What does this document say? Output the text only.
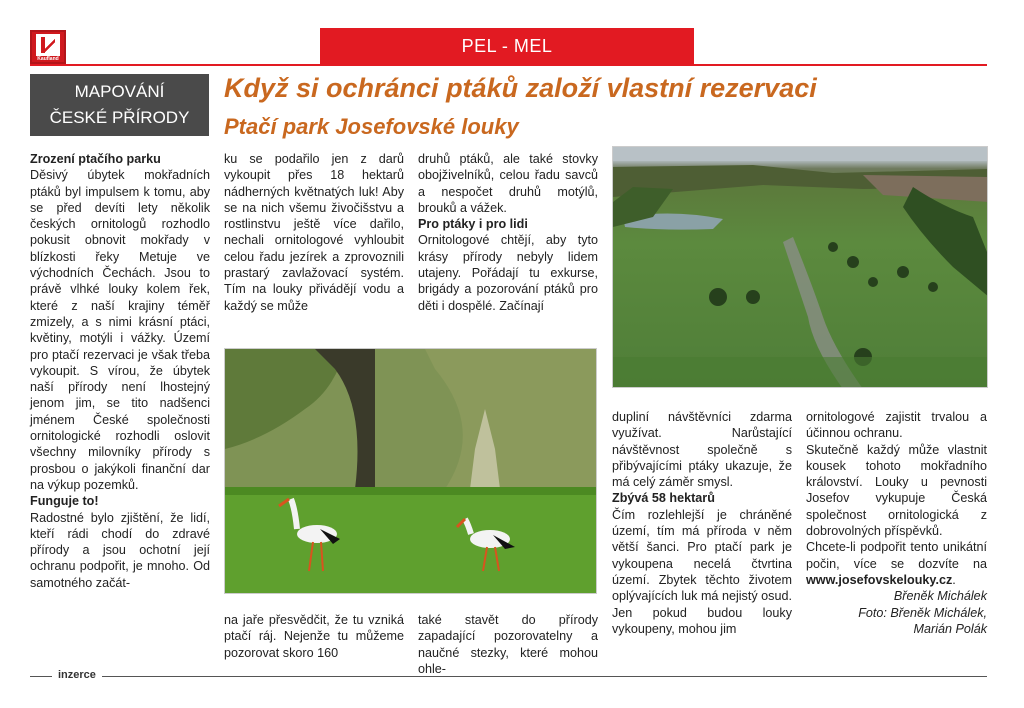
Kaufland
PEL - MEL
MAPOVÁNÍ
ČESKÉ PŘÍRODY
Když si ochránci ptáků založí vlastní rezervaci
Ptačí park Josefovské louky
Zrození ptačího parku

Děsivý úbytek mokřadních ptáků byl impulsem k tomu, aby se před devíti lety několik českých ornitologů rozhodlo pokusit obnovit mokřady v blízkosti řeky Metuje ve východních Čechách. Jsou to právě vlhké louky kolem řek, které z naší krajiny téměř zmizely, a s nimi krásní ptáci, květiny, motýli i vážky. Území pro ptačí rezervaci je však třeba vykoupit. S vírou, že úbytek naší přírody není lhostejný jenom jim, se tito nadšenci jménem České společnosti ornitologické rozhodli oslovit všechny milovníky přírody s prosbou o jakýkoli finanční dar na výkup pozemků.

Funguje to!

Radostné bylo zjištění, že lidí, kteří rádi chodí do zdravé přírody a jsou ochotní její ochranu podpořit, je mnoho. Od samotného začát-

ku se podařilo jen z darů vykoupit přes 18 hektarů nádherných květnatých luk! Aby se na nich všemu živočišstvu a rostlinstvu ještě více dařilo, nechali ornitologové vyhloubit celou řadu jezírek a zprovoznili prastarý zavlažovací systém. Tím na louky přivádějí vodu a každý se může

druhů ptáků, ale také stovky obojživelníků, celou řadu savců a nespočet druhů motýlů, brouků a vážek.

Pro ptáky i pro lidi

Ornitologové chtějí, aby tyto krásy přírody nebyly lidem utajeny. Pořádají tu exkurse, brigády a pozorování ptáků pro děti i dospělé. Začínají

na jaře přesvědčit, že tu vzniká ptačí ráj. Nejenže tu můžeme pozorovat skoro 160

také stavět do přírody zapadající pozorovatelny a naučné stezky, které mohou ohle-

dupliní návštěvníci zdarma využívat. Narůstající návštěvnost společně s přibývajícími ptáky ukazuje, že má celý záměr smysl.

Zbývá 58 hektarů

Čím rozlehlejší je chráněné území, tím má příroda v něm větší šanci. Pro ptačí park je vykoupena necelá čtvrtina území. Zbytek těchto životem oplývajících luk má nejistý osud. Jen pokud budou louky vykoupeny, mohou jim

ornitologové zajistit trvalou a účinnou ochranu.

Skutečně každý může vlastnit kousek tohoto mokřadního království. Louky u pevnosti Josefov vykupuje Česká společnost ornitologická z dobrovolných příspěvků.

Chcete-li podpořit tento unikátní počin, více se dozvíte na www.josefovskelouky.cz.

Břeněk Michálek

Foto: Břeněk Michálek,

Marián Polák

inzerce
